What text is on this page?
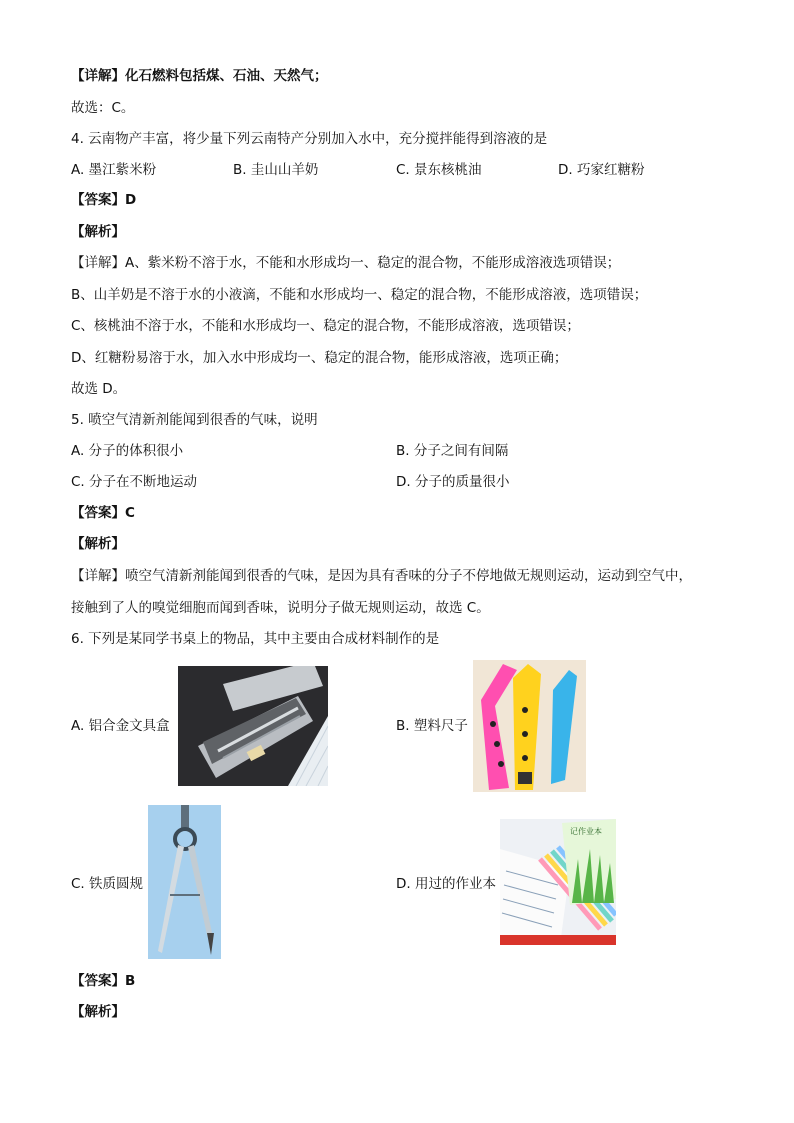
【详解】化石燃料包括煤、石油、天然气；
故选：C。
4. 云南物产丰富，将少量下列云南特产分别加入水中，充分搅拌能得到溶液的是
A. 墨江紫米粉	B. 圭山山羊奶	C. 景东核桃油	D. 巧家红糖粉
【答案】D
【解析】
【详解】A、紫米粉不溶于水，不能和水形成均一、稳定的混合物，不能形成溶液选项错误；
B、山羊奶是不溶于水的小液滴，不能和水形成均一、稳定的混合物，不能形成溶液，选项错误；
C、核桃油不溶于水，不能和水形成均一、稳定的混合物，不能形成溶液，选项错误；
D、红糖粉易溶于水，加入水中形成均一、稳定的混合物，能形成溶液，选项正确；
故选 D。
5. 喷空气清新剂能闻到很香的气味，说明
A. 分子的体积很小	B. 分子之间有间隔
C. 分子在不断地运动	D. 分子的质量很小
【答案】C
【解析】
【详解】喷空气清新剂能闻到很香的气味，是因为具有香味的分子不停地做无规则运动，运动到空气中，
接触到了人的嗅觉细胞而闻到香味，说明分子做无规则运动，故选 C。
6. 下列是某同学书桌上的物品，其中主要由合成材料制作的是
A. 铝合金文具盒	B. 塑料尺子
C. 铁质圆规	D. 用过的作业本
记作业本
【答案】B
【解析】
